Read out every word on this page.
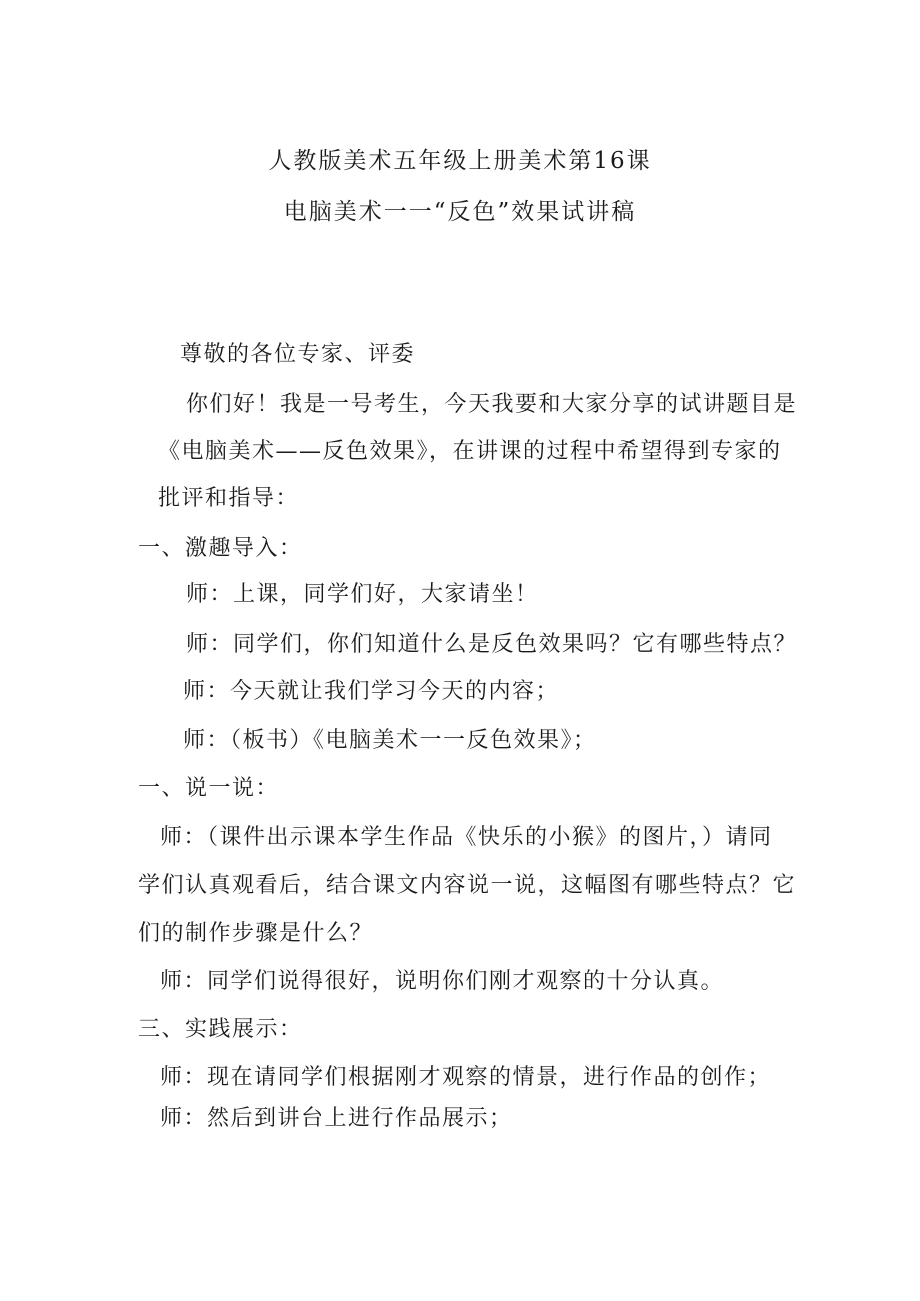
人教版美术五年级上册美术第16课
电脑美术一一“反色”效果试讲稿
尊敬的各位专家、评委
你们好！我是一号考生，今天我要和大家分享的试讲题目是
《电脑美术——反色效果》，在讲课的过程中希望得到专家的
批评和指导：
一、激趣导入：
师：上课，同学们好，大家请坐！
师：同学们，你们知道什么是反色效果吗？它有哪些特点？
师：今天就让我们学习今天的内容；
师：（板书）《电脑美术一一反色效果》；
一、说一说：
师：（课件出示课本学生作品《快乐的小猴》的图片，）请同
学们认真观看后，结合课文内容说一说，这幅图有哪些特点？它
们的制作步骤是什么？
师：同学们说得很好，说明你们刚才观察的十分认真。
三、实践展示：
师：现在请同学们根据刚才观察的情景，进行作品的创作；
师：然后到讲台上进行作品展示；
